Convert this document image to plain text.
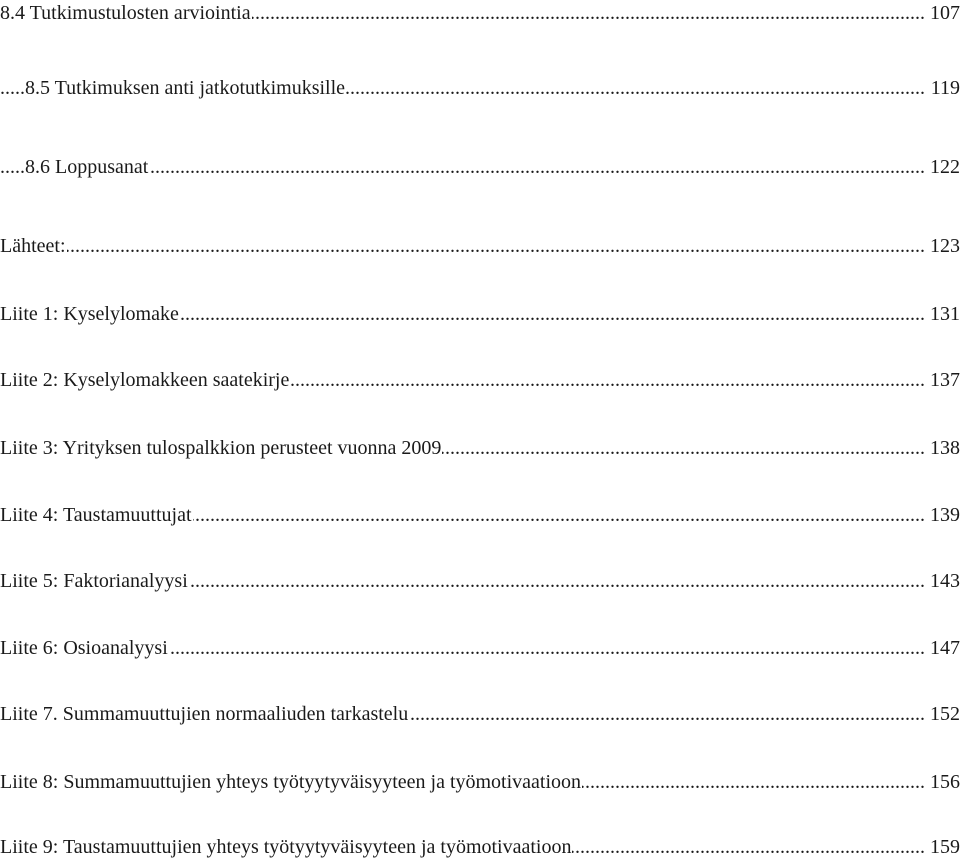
8.4 Tutkimustulosten arviointia .....	107
8.5 Tutkimuksen anti jatkotutkimuksille .....	119
8.6 Loppusanat .....	122
Lähteet: .....	123
Liite 1: Kyselylomake .....	131
Liite 2: Kyselylomakkeen saatekirje .....	137
Liite 3: Yrityksen tulospalkkion perusteet vuonna 2009 .....	138
Liite 4: Taustamuuttujat .....	139
Liite 5: Faktorianalyysi .....	143
Liite 6: Osioanalyysi .....	147
Liite 7. Summamuuttujien normaaliuden tarkastelu .....	152
Liite 8: Summamuuttujien yhteys työtyytyväisyyteen ja työmotivaatioon .....	156
Liite 9: Taustamuuttujien yhteys työtyytyväisyyteen ja työmotivaatioon .....	159
